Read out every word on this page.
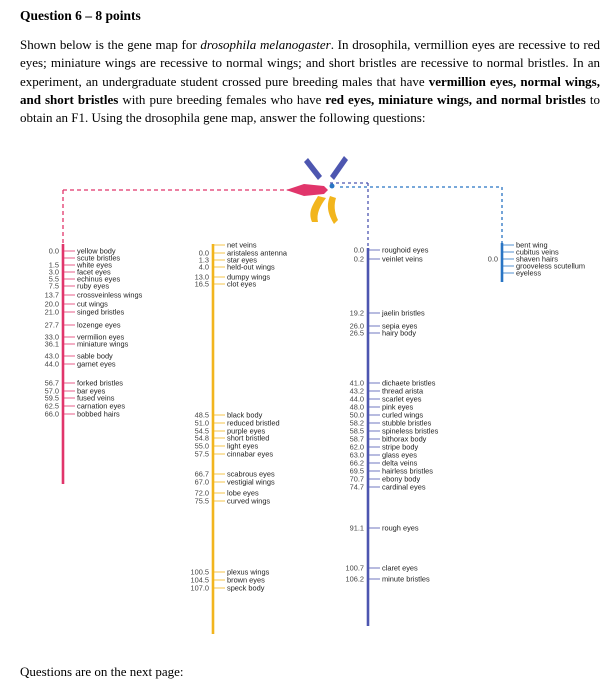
Question 6 – 8 points
Shown below is the gene map for drosophila melanogaster. In drosophila, vermillion eyes are recessive to red eyes; miniature wings are recessive to normal wings; and short bristles are recessive to normal bristles. In an experiment, an undergraduate student crossed pure breeding males that have vermillion eyes, normal wings, and short bristles with pure breeding females who have red eyes, miniature wings, and normal bristles to obtain an F1. Using the drosophila gene map, answer the following questions:
yellow body
0.0
scute bristles
white eyes
1.5
facet eyes
3.0
echinus eyes
5.5
ruby eyes
7.5
crossveinless wings
13.7
cut wings
20.0
singed bristles
21.0
lozenge eyes
27.7
vermilion eyes
33.0
miniature wings
36.1
sable body
43.0
garnet eyes
44.0
forked bristles
56.7
bar eyes
57.0
fused veins
59.5
carnation eyes
62.5
bobbed hairs
66.0
net veins
aristaless antenna
0.0
star eyes
1.3
held-out wings
4.0
dumpy wings
13.0
clot eyes
16.5
black body
48.5
reduced bristled
51.0
purple eyes
54.5
short bristled
54.8
light eyes
55.0
cinnabar eyes
57.5
scabrous eyes
66.7
vestigial wings
67.0
lobe eyes
72.0
curved wings
75.5
plexus wings
100.5
brown eyes
104.5
speck body
107.0
roughoid eyes
0.0
veinlet veins
0.2
jaelin bristles
19.2
sepia eyes
26.0
hairy body
26.5
dichaete bristles
41.0
thread arista
43.2
scarlet eyes
44.0
pink eyes
48.0
curled wings
50.0
stubble bristles
58.2
spineless bristles
58.5
bithorax body
58.7
stripe body
62.0
glass eyes
63.0
delta veins
66.2
hairless bristles
69.5
ebony body
70.7
cardinal eyes
74.7
rough eyes
91.1
claret eyes
100.7
minute bristles
106.2
bent wing
cubitus veins
shaven hairs
0.0
grooveless scutellum
eyeless
Questions are on the next page:
